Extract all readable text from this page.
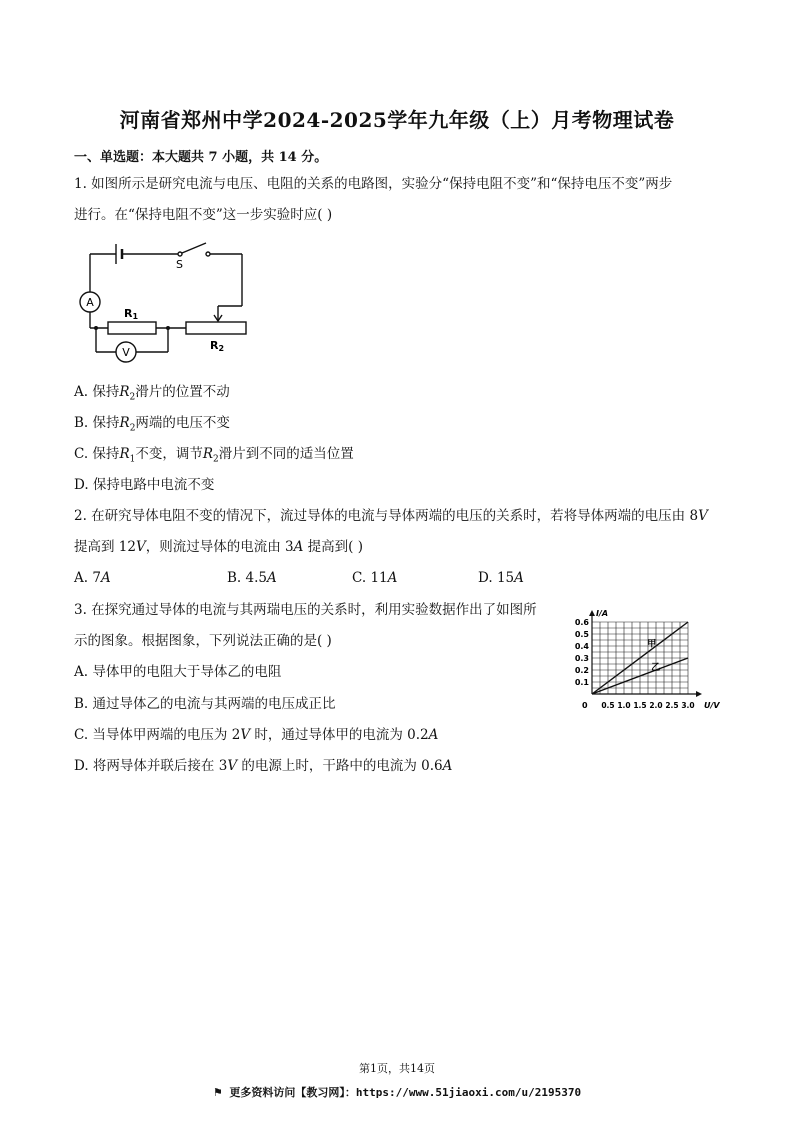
河南省郑州中学2024-2025学年九年级（上）月考物理试卷
一、单选题：本大题共 7 小题，共 14 分。
1. 如图所示是研究电流与电压、电阻的关系的电路图，实验分“保持电阻不变”和“保持电压不变”两步
进行。在“保持电阻不变”这一步实验时应( )
S
A
V
R1
R2
A. 保持$R_2$滑片的位置不动
B. 保持$R_2$两端的电压不变
C. 保持$R_1$不变，调节$R_2$滑片到不同的适当位置
D. 保持电路中电流不变
2. 在研究导体电阻不变的情况下，流过导体的电流与导体两端的电压的关系时，若将导体两端的电压由 8V
提高到 12V，则流过导体的电流由 3A 提高到( )
A. 7A	B. 4.5A	C. 11A	D. 15A
3. 在探究通过导体的电流与其两瑞电压的关系时，利用实验数据作出了如图所
示的图象。根据图象，下列说法正确的是( )
A. 导体甲的电阻大于导体乙的电阻
B. 通过导体乙的电流与其两端的电压成正比
C. 当导体甲两端的电压为 2V 时，通过导体甲的电流为 0.2A
D. 将两导体并联后接在 3V 的电源上时，干路中的电流为 0.6A
0.1
0.2
0.3
0.4
0.5
0.6
0.5 1.0 1.5 2.0 2.5 3.0
0
I/A
U/V
甲
乙
第1页，共14页
⚑ 更多资料访问【教习网】：https://www.51jiaoxi.com/u/2195370
